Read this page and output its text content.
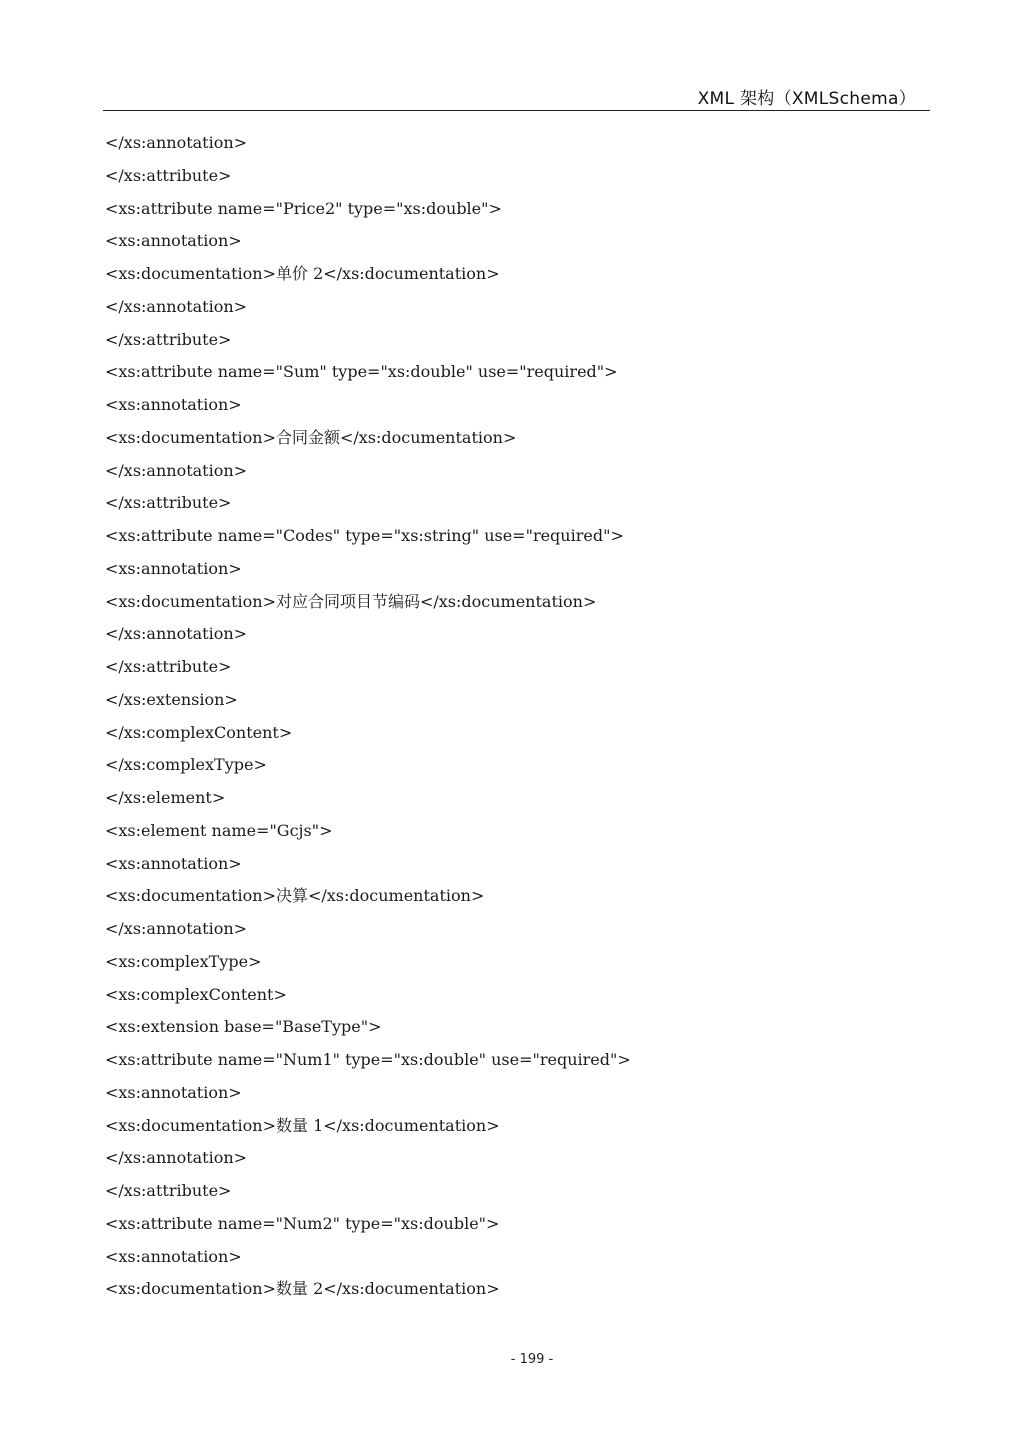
XML 架构（XMLSchema）
</xs:annotation>
</xs:attribute>
<xs:attribute name="Price2" type="xs:double">
<xs:annotation>
<xs:documentation>单价 2</xs:documentation>
</xs:annotation>
</xs:attribute>
<xs:attribute name="Sum" type="xs:double" use="required">
<xs:annotation>
<xs:documentation>合同金额</xs:documentation>
</xs:annotation>
</xs:attribute>
<xs:attribute name="Codes" type="xs:string" use="required">
<xs:annotation>
<xs:documentation>对应合同项目节编码</xs:documentation>
</xs:annotation>
</xs:attribute>
</xs:extension>
</xs:complexContent>
</xs:complexType>
</xs:element>
<xs:element name="Gcjs">
<xs:annotation>
<xs:documentation>决算</xs:documentation>
</xs:annotation>
<xs:complexType>
<xs:complexContent>
<xs:extension base="BaseType">
<xs:attribute name="Num1" type="xs:double" use="required">
<xs:annotation>
<xs:documentation>数量 1</xs:documentation>
</xs:annotation>
</xs:attribute>
<xs:attribute name="Num2" type="xs:double">
<xs:annotation>
<xs:documentation>数量 2</xs:documentation>
- 199 -
